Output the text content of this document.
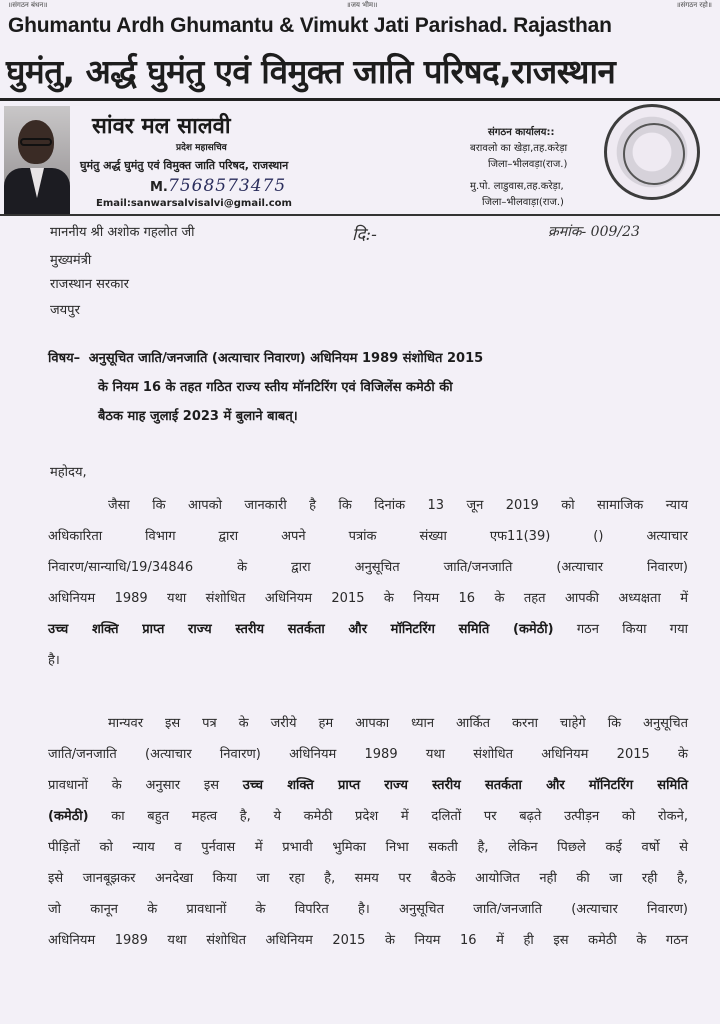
॥संगठन बंधन॥	॥जय भीम॥	॥संगठन रहो॥
Ghumantu Ardh Ghumantu & Vimukt Jati Parishad. Rajasthan
घुमंतु, अर्द्ध घुमंतु एवं विमुक्त जाति परिषद,राजस्थान
सांवर मल सालवी
प्रदेश महासचिव
घुमंतु अर्द्ध घुमंतु एवं विमुक्त जाति परिषद, राजस्थान
M. 7568573475
Email:sanwarsalvisalvi@gmail.com
संगठन कार्यालय::
बरावलो का खेड़ा,तह.करेड़ा
जिला–भीलवड़ा(राज.)
मु.पो. लाडुवास,तह.करेड़ा,
जिला–भीलवाड़ा(राज.)
माननीय श्री अशोक गहलोत जी
मुख्यमंत्री
राजस्थान सरकार
जयपुर
दि:-	क्रमांक- 009/23
विषय– अनुसूचित जाति/जनजाति (अत्याचार निवारण) अधिनियम 1989 संशोधित 2015
के नियम 16 के तहत गठित राज्य स्तीय मॉनटिरिंग एवं विजिलेंस कमेठी की
बैठक माह जुलाई 2023 में बुलाने बाबत्।
महोदय,
जैसा कि आपको जानकारी है कि दिनांक 13 जून 2019 को सामाजिक न्याय
अधिकारिता विभाग द्वारा अपने पत्रांक संख्या एफ11(39) () अत्याचार
निवारण/सान्याधि/19/34846 के द्वारा अनुसूचित जाति/जनजाति (अत्याचार निवारण)
अधिनियम 1989 यथा संशोधित अधिनियम 2015 के नियम 16 के तहत आपकी अध्यक्षता में
उच्च शक्ति प्राप्त राज्य स्तरीय सतर्कता और मॉनिटरिंग समिति (कमेठी) गठन किया गया
है।
मान्यवर इस पत्र के जरीये हम आपका ध्यान आर्कित करना चाहेगे कि अनुसूचित
जाति/जनजाति (अत्याचार निवारण) अधिनियम 1989 यथा संशोधित अधिनियम 2015 के
प्रावधानों के अनुसार इस उच्च शक्ति प्राप्त राज्य स्तरीय सतर्कता और मॉनिटरिंग समिति
(कमेठी) का बहुत महत्व है, ये कमेठी प्रदेश में दलितों पर बढ़ते उत्पीड़न को रोकने,
पीड़ितों को न्याय व पुर्नवास में प्रभावी भुमिका निभा सकती है, लेकिन पिछले कई वर्षो से
इसे जानबूझकर अनदेखा किया जा रहा है, समय पर बैठके आयोजित नही की जा रही है,
जो कानून के प्रावधानों के विपरित है। अनुसूचित जाति/जनजाति (अत्याचार निवारण)
अधिनियम 1989 यथा संशोधित अधिनियम 2015 के नियम 16 में ही इस कमेठी के गठन
